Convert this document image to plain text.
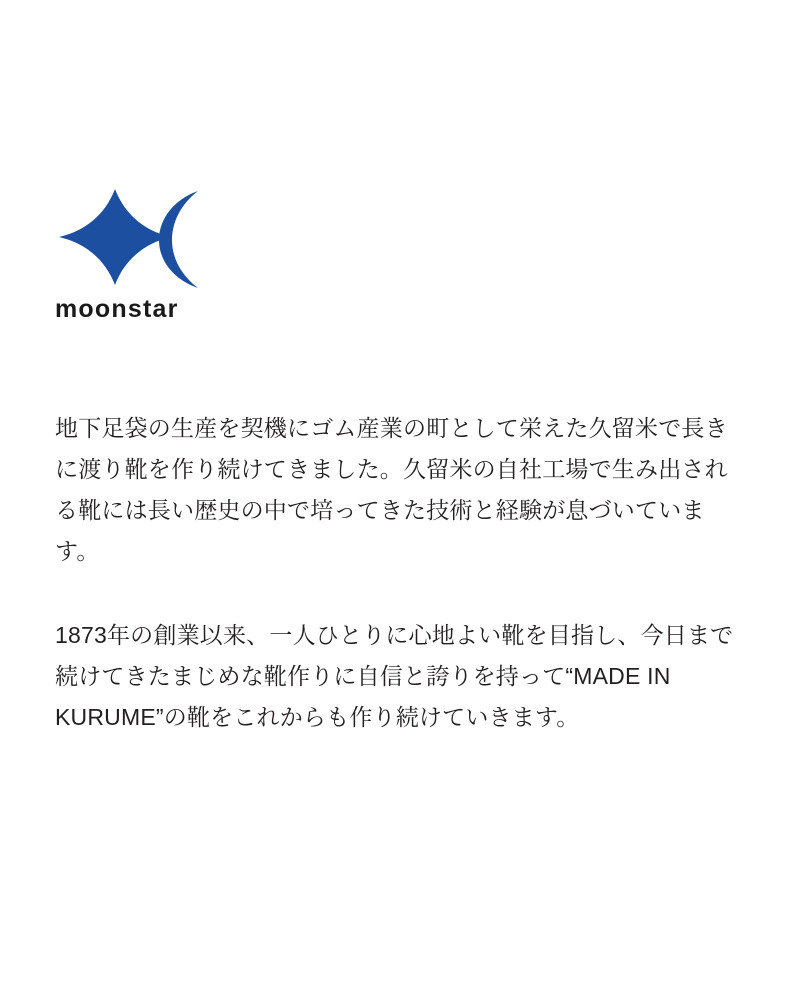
moonstar

地下足袋の生産を契機にゴム産業の町として栄えた久留米で長きに渡り靴を作り続けてきました。久留米の自社工場で生み出される靴には長い歴史の中で培ってきた技術と経験が息づいています。

1873年の創業以来、一人ひとりに心地よい靴を目指し、今日まで続けてきたまじめな靴作りに自信と誇りを持って“MADE IN KURUME”の靴をこれからも作り続けていきます。
